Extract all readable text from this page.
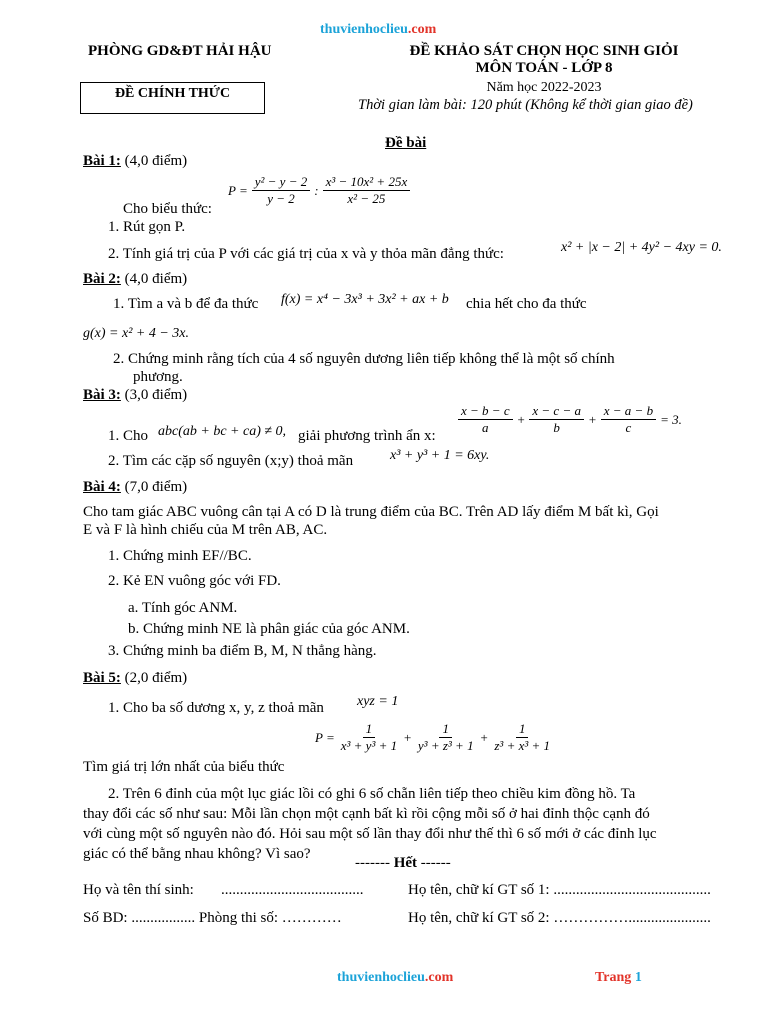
thuvienhoclieu.com
PHÒNG GD&ĐT HẢI HẬU
ĐỀ CHÍNH THỨC
ĐỀ KHẢO SÁT CHỌN HỌC SINH GIỎI
MÔN TOÁN - LỚP 8
Năm học 2022-2023
Thời gian làm bài: 120 phút (Không kể thời gian giao đề)
Đề bài
Bài 1: (4,0 điểm)
$P = \frac{\text{y² − y − 2}}{y - 2}$ : $\frac{\text{x³ − 10x² + 25x}}{\text{x² − 25}}$
Cho biểu thức:
1. Rút gọn P.
2. Tính giá trị của P với các giá trị của x và y thỏa mãn đẳng thức:	x² + |x − 2| + 4y² − 4xy = 0.
Bài 2: (4,0 điểm)
1. Tìm a và b để đa thức f(x) = x⁴ − 3x³ + 3x² + ax + b chia hết cho đa thức
g(x) = x² + 4 − 3x.
2. Chứng minh rằng tích của 4 số nguyên dương liên tiếp không thể là một số chính
phương.
Bài 3: (3,0 điểm)
1. Cho abc(ab + bc + ca) ≠ 0, giải phương trình ẩn x:
$\frac{x - b - c}{a} + \frac{x - c - a}{b} + \frac{x - a - b}{c} = 3$.
2. Tìm các cặp số nguyên (x;y) thoả mãn	x³ + y³ + 1 = 6xy.
Bài 4: (7,0 điểm)
Cho tam giác ABC vuông cân tại A có D là trung điểm của BC. Trên AD lấy điểm M bất kì, Gọi
E và F là hình chiếu của M trên AB, AC.
1. Chứng minh EF//BC.
2. Kẻ EN vuông góc với FD.
a. Tính góc ANM.
b. Chứng minh NE là phân giác của góc ANM.
3. Chứng minh ba điểm B, M, N thẳng hàng.
Bài 5: (2,0 điểm)
1. Cho ba số dương x, y, z thoả mãn xyz = 1
$P = \frac{1}{\text{x³ + y³ + 1}} + \frac{1}{\text{y³ + z³ + 1}} + \frac{1}{\text{z³ + x³ + 1}}$
Tìm giá trị lớn nhất của biểu thức
2. Trên 6 đỉnh của một lục giác lồi có ghi 6 số chẵn liên tiếp theo chiều kim đồng hồ. Ta
thay đổi các số như sau: Mỗi lần chọn một cạnh bất kì rồi cộng mỗi số ở hai đỉnh thộc cạnh đó
với cùng một số nguyên nào đó. Hỏi sau một số lần thay đổi như thế thì 6 số mới ở các đỉnh lục
giác có thể bằng nhau không? Vì sao?
------- Hết ------
Họ và tên thí sinh: ......................................	Họ tên, chữ kí GT số 1: ..........................................
Số BD: ................. Phòng thi số: …………	Họ tên, chữ kí GT số 2: ……………......................
thuvienhoclieu.com	Trang 1
